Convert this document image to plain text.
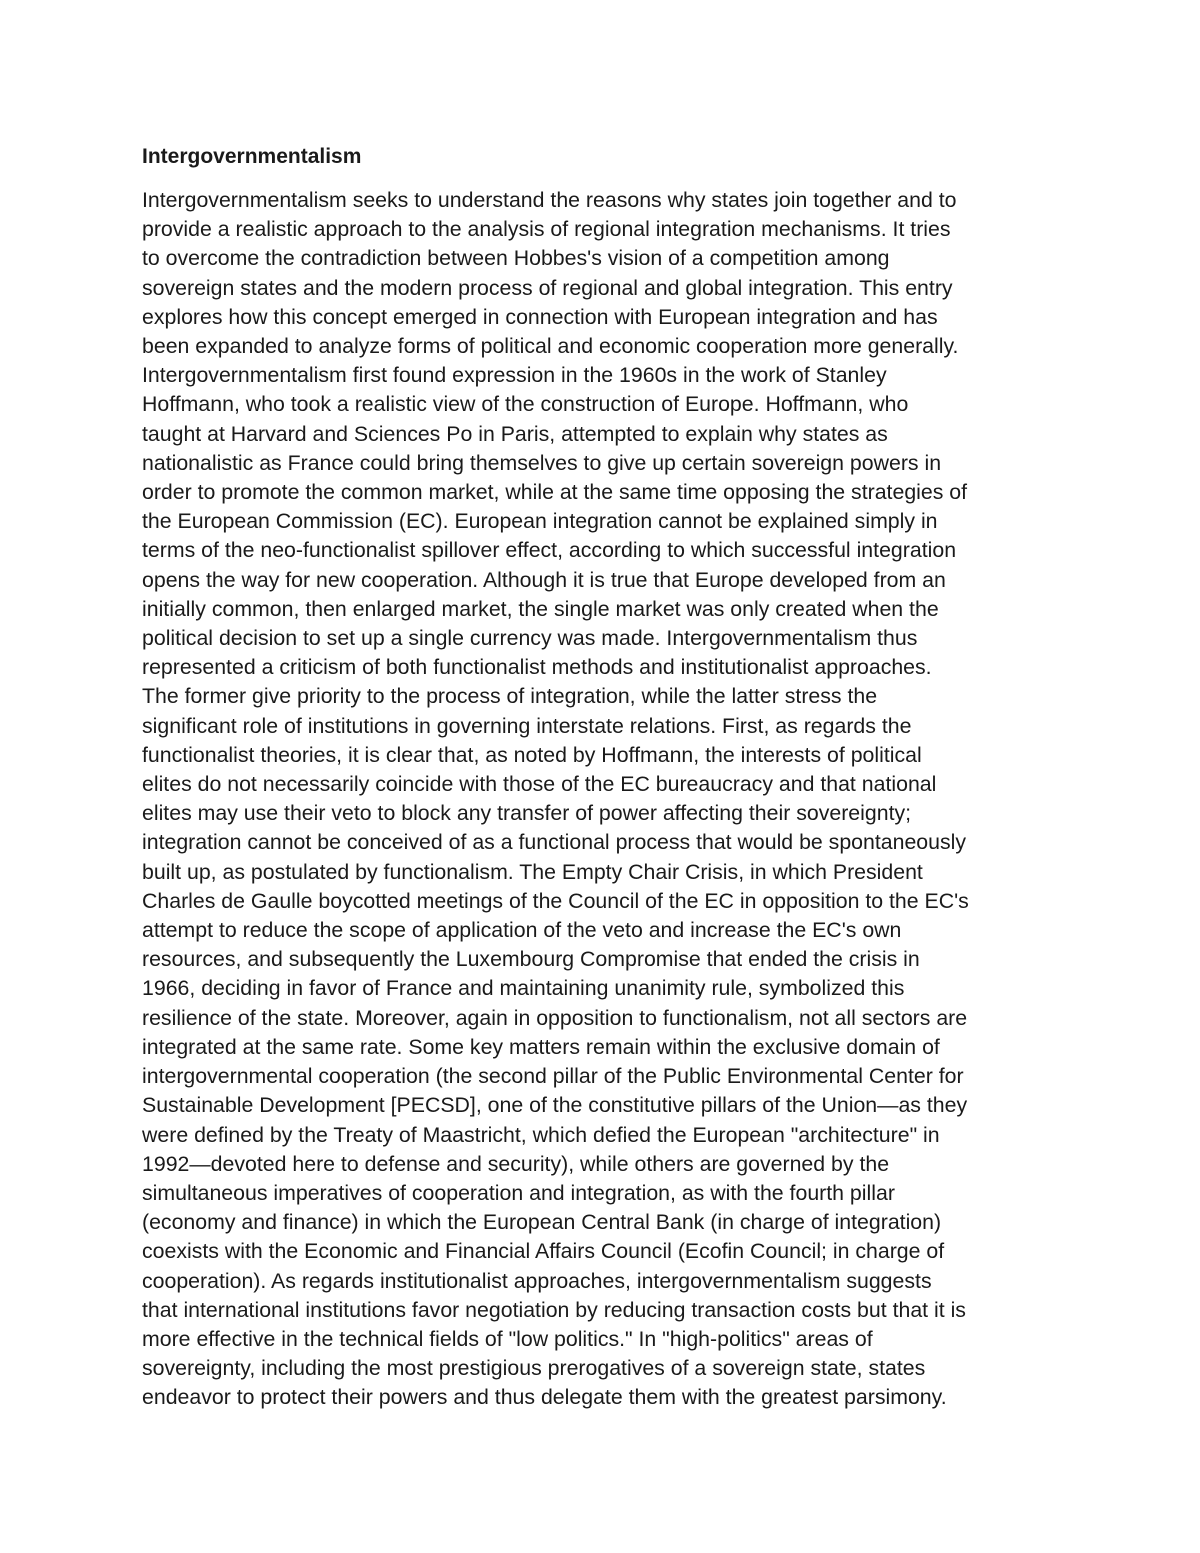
Intergovernmentalism

Intergovernmentalism seeks to understand the reasons why states join together and to
provide a realistic approach to the analysis of regional integration mechanisms. It tries
to overcome the contradiction between Hobbes's vision of a competition among
sovereign states and the modern process of regional and global integration. This entry
explores how this concept emerged in connection with European integration and has
been expanded to analyze forms of political and economic cooperation more generally.
Intergovernmentalism first found expression in the 1960s in the work of Stanley
Hoffmann, who took a realistic view of the construction of Europe. Hoffmann, who
taught at Harvard and Sciences Po in Paris, attempted to explain why states as
nationalistic as France could bring themselves to give up certain sovereign powers in
order to promote the common market, while at the same time opposing the strategies of
the European Commission (EC). European integration cannot be explained simply in
terms of the neo-functionalist spillover effect, according to which successful integration
opens the way for new cooperation. Although it is true that Europe developed from an
initially common, then enlarged market, the single market was only created when the
political decision to set up a single currency was made. Intergovernmentalism thus
represented a criticism of both functionalist methods and institutionalist approaches.
The former give priority to the process of integration, while the latter stress the
significant role of institutions in governing interstate relations. First, as regards the
functionalist theories, it is clear that, as noted by Hoffmann, the interests of political
elites do not necessarily coincide with those of the EC bureaucracy and that national
elites may use their veto to block any transfer of power affecting their sovereignty;
integration cannot be conceived of as a functional process that would be spontaneously
built up, as postulated by functionalism. The Empty Chair Crisis, in which President
Charles de Gaulle boycotted meetings of the Council of the EC in opposition to the EC's
attempt to reduce the scope of application of the veto and increase the EC's own
resources, and subsequently the Luxembourg Compromise that ended the crisis in
1966, deciding in favor of France and maintaining unanimity rule, symbolized this
resilience of the state. Moreover, again in opposition to functionalism, not all sectors are
integrated at the same rate. Some key matters remain within the exclusive domain of
intergovernmental cooperation (the second pillar of the Public Environmental Center for
Sustainable Development [PECSD], one of the constitutive pillars of the Union—as they
were defined by the Treaty of Maastricht, which defied the European "architecture" in
1992—devoted here to defense and security), while others are governed by the
simultaneous imperatives of cooperation and integration, as with the fourth pillar
(economy and finance) in which the European Central Bank (in charge of integration)
coexists with the Economic and Financial Affairs Council (Ecofin Council; in charge of
cooperation). As regards institutionalist approaches, intergovernmentalism suggests
that international institutions favor negotiation by reducing transaction costs but that it is
more effective in the technical fields of "low politics." In "high-politics" areas of
sovereignty, including the most prestigious prerogatives of a sovereign state, states
endeavor to protect their powers and thus delegate them with the greatest parsimony.
